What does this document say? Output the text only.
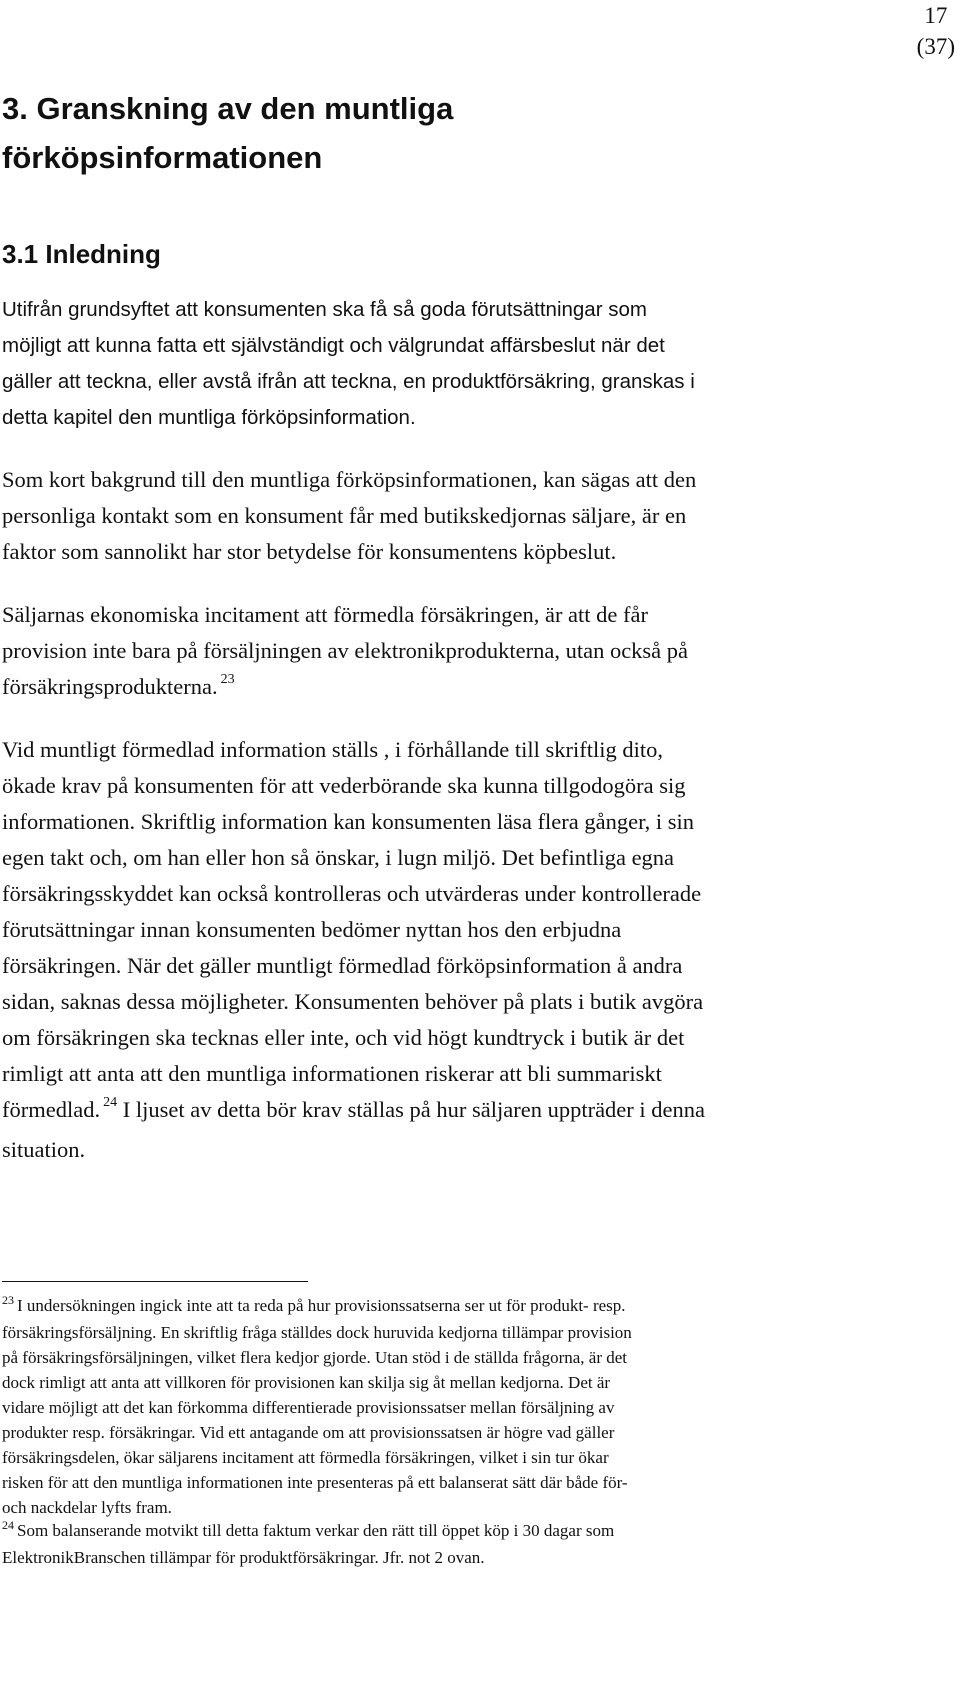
17
(37)
3. Granskning av den muntliga
förköpsinformationen
3.1 Inledning

Utifrån grundsyftet att konsumenten ska få så goda förutsättningar som
möjligt att kunna fatta ett självständigt och välgrundat affärsbeslut när det
gäller att teckna, eller avstå ifrån att teckna, en produktförsäkring, granskas i
detta kapitel den muntliga förköpsinformation.

Som kort bakgrund till den muntliga förköpsinformationen, kan sägas att den
personliga kontakt som en konsument får med butikskedjornas säljare, är en
faktor som sannolikt har stor betydelse för konsumentens köpbeslut.

Säljarnas ekonomiska incitament att förmedla försäkringen, är att de får
provision inte bara på försäljningen av elektronikprodukterna, utan också på
försäkringsprodukterna. $^{23}$

Vid muntligt förmedlad information ställs , i förhållande till skriftlig dito,
ökade krav på konsumenten för att vederbörande ska kunna tillgodogöra sig
informationen. Skriftlig information kan konsumenten läsa flera gånger, i sin
egen takt och, om han eller hon så önskar, i lugn miljö. Det befintliga egna
försäkringsskyddet kan också kontrolleras och utvärderas under kontrollerade
förutsättningar innan konsumenten bedömer nyttan hos den erbjudna
försäkringen. När det gäller muntligt förmedlad förköpsinformation å andra
sidan, saknas dessa möjligheter. Konsumenten behöver på plats i butik avgöra
om försäkringen ska tecknas eller inte, och vid högt kundtryck i butik är det
rimligt att anta att den muntliga informationen riskerar att bli summariskt
förmedlad. $^{24}$ I ljuset av detta bör krav ställas på hur säljaren uppträder i denna
situation.

$^{23}$ I undersökningen ingick inte att ta reda på hur provisionssatserna ser ut för produkt- resp.
försäkringsförsäljning. En skriftlig fråga ställdes dock huruvida kedjorna tillämpar provision
på försäkringsförsäljningen, vilket flera kedjor gjorde. Utan stöd i de ställda frågorna, är det
dock rimligt att anta att villkoren för provisionen kan skilja sig åt mellan kedjorna. Det är
vidare möjligt att det kan förkomma differentierade provisionssatser mellan försäljning av
produkter resp. försäkringar. Vid ett antagande om att provisionssatsen är högre vad gäller
försäkringsdelen, ökar säljarens incitament att förmedla försäkringen, vilket i sin tur ökar
risken för att den muntliga informationen inte presenteras på ett balanserat sätt där både för-
och nackdelar lyfts fram.

$^{24}$ Som balanserande motvikt till detta faktum verkar den rätt till öppet köp i 30 dagar som
ElektronikBranschen tillämpar för produktförsäkringar. Jfr. not 2 ovan.
